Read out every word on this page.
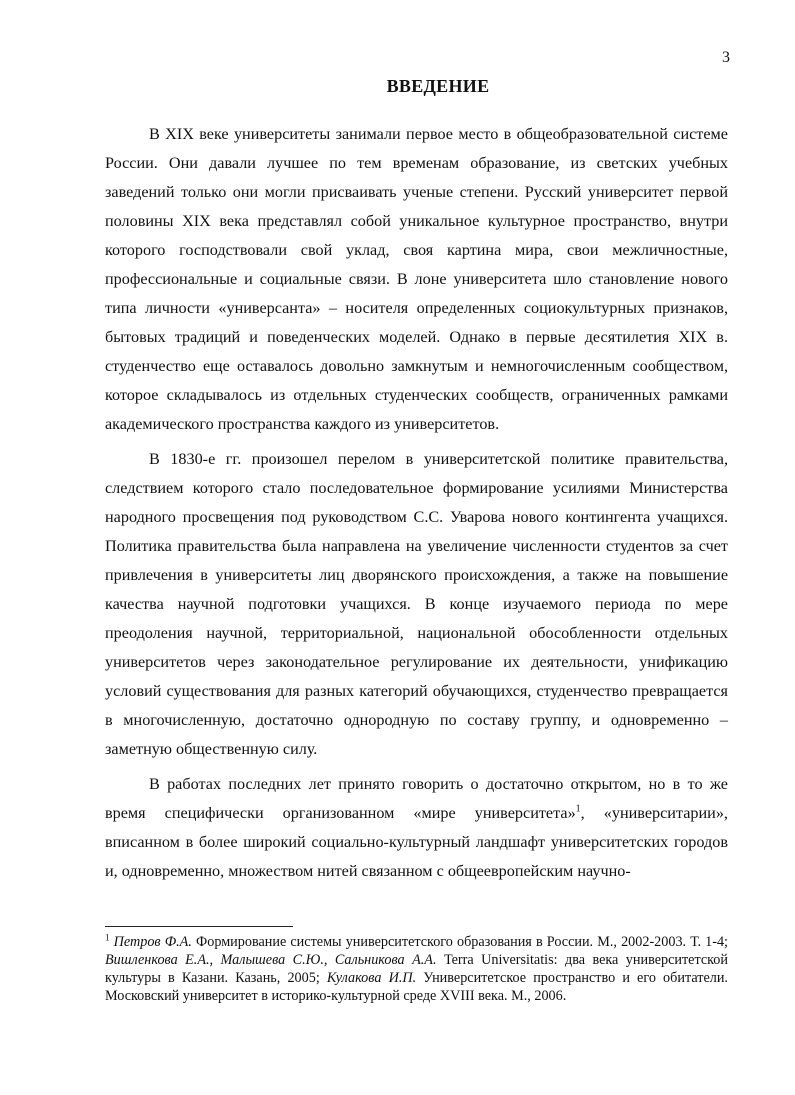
3
ВВЕДЕНИЕ

В XIX веке университеты занимали первое место в общеобразовательной системе России. Они давали лучшее по тем временам образование, из светских учебных заведений только они могли присваивать ученые степени. Русский университет первой половины XIX века представлял собой уникальное культурное пространство, внутри которого господствовали свой уклад, своя картина мира, свои межличностные, профессиональные и социальные связи. В лоне университета шло становление нового типа личности «универсанта» – носителя определенных социокультурных признаков, бытовых традиций и поведенческих моделей. Однако в первые десятилетия XIX в. студенчество еще оставалось довольно замкнутым и немногочисленным сообществом, которое складывалось из отдельных студенческих сообществ, ограниченных рамками академического пространства каждого из университетов.

В 1830-е гг. произошел перелом в университетской политике правительства, следствием которого стало последовательное формирование усилиями Министерства народного просвещения под руководством С.С. Уварова нового контингента учащихся. Политика правительства была направлена на увеличение численности студентов за счет привлечения в университеты лиц дворянского происхождения, а также на повышение качества научной подготовки учащихся. В конце изучаемого периода по мере преодоления научной, территориальной, национальной обособленности отдельных университетов через законодательное регулирование их деятельности, унификацию условий существования для разных категорий обучающихся, студенчество превращается в многочисленную, достаточно однородную по составу группу, и одновременно – заметную общественную силу.

В работах последних лет принято говорить о достаточно открытом, но в то же время специфически организованном «мире университета»$^1$, «университарии», вписанном в более широкий социально-культурный ландшафт университетских городов и, одновременно, множеством нитей связанном с общеевропейским научно-

$^1$ Петров Ф.А. Формирование системы университетского образования в России. М., 2002-2003. Т. 1-4; Вишленкова Е.А., Малышева С.Ю., Сальникова А.А. Terra Universitatis: два века университетской культуры в Казани. Казань, 2005; Кулакова И.П. Университетское пространство и его обитатели. Московский университет в историко-культурной среде XVIII века. М., 2006.
